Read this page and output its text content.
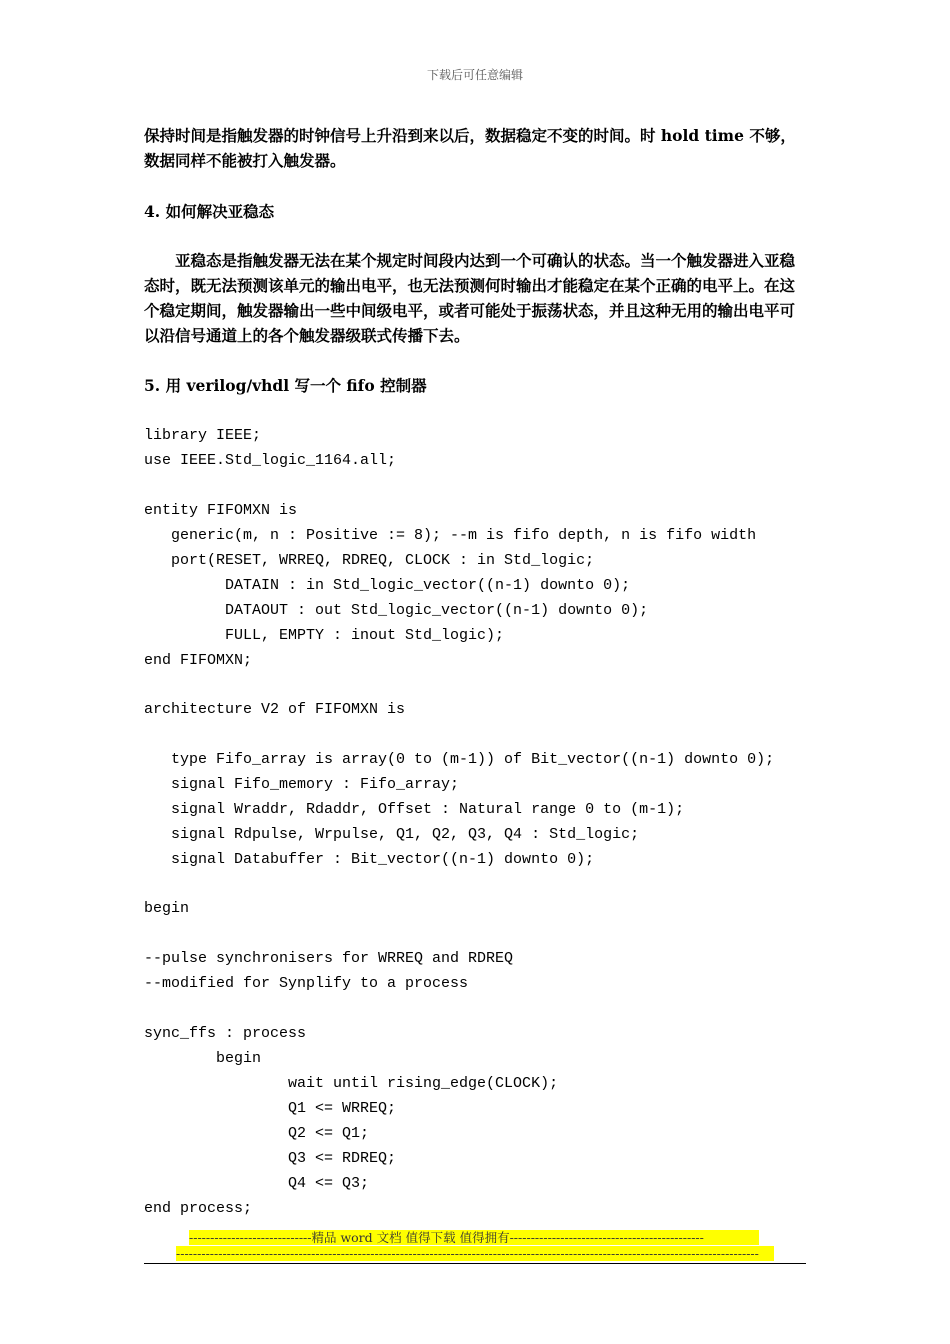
下载后可任意编辑
保持时间是指触发器的时钟信号上升沿到来以后，数据稳定不变的时间。时 hold time 不够，数据同样不能被打入触发器。
4. 如何解决亚稳态
亚稳态是指触发器无法在某个规定时间段内达到一个可确认的状态。当一个触发器进入亚稳态时，既无法预测该单元的输出电平，也无法预测何时输出才能稳定在某个正确的电平上。在这个稳定期间，触发器输出一些中间级电平，或者可能处于振荡状态，并且这种无用的输出电平可以沿信号通道上的各个触发器级联式传播下去。
5. 用 verilog/vhdl 写一个 fifo 控制器
library IEEE;
use IEEE.Std_logic_1164.all;
entity FIFOMXN is
generic(m, n : Positive := 8); --m is fifo depth, n is fifo width
port(RESET, WRREQ, RDREQ, CLOCK : in Std_logic;
DATAIN : in Std_logic_vector((n-1) downto 0);
DATAOUT : out Std_logic_vector((n-1) downto 0);
FULL, EMPTY : inout Std_logic);
end FIFOMXN;
architecture V2 of FIFOMXN is
type Fifo_array is array(0 to (m-1)) of Bit_vector((n-1) downto 0);
signal Fifo_memory : Fifo_array;
signal Wraddr, Rdaddr, Offset : Natural range 0 to (m-1);
signal Rdpulse, Wrpulse, Q1, Q2, Q3, Q4 : Std_logic;
signal Databuffer : Bit_vector((n-1) downto 0);
begin
--pulse synchronisers for WRREQ and RDREQ
--modified for Synplify to a process
sync_ffs : process
begin
wait until rising_edge(CLOCK);
Q1 <= WRREQ;
Q2 <= Q1;
Q3 <= RDREQ;
Q4 <= Q3;
end process;
-----------------------------精品 word 文档 值得下载 值得拥有----------------------------------------------
------------------------------------------------------------------------------------------------------------------------------------------
